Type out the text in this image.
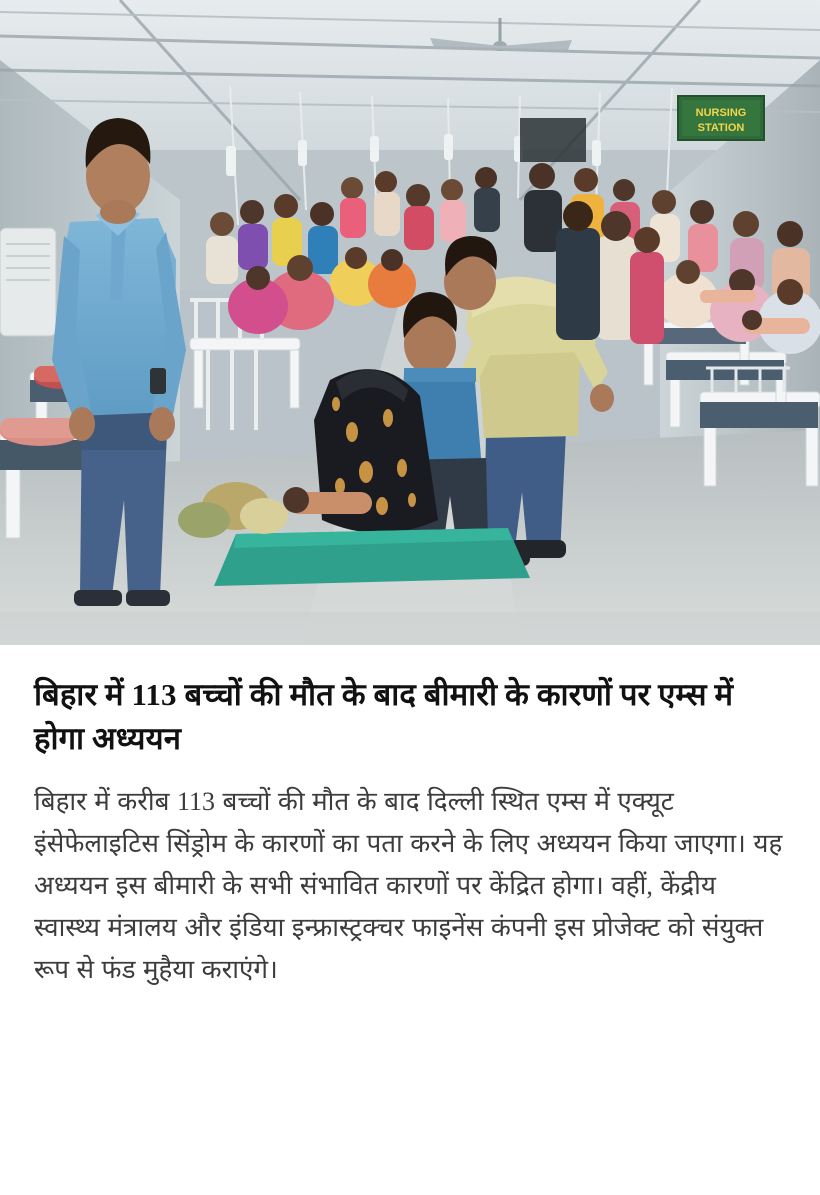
NURSING
STATION
बिहार में 113 बच्चों की मौत के बाद बीमारी के कारणों पर एम्स में होगा अध्ययन

बिहार में करीब 113 बच्चों की मौत के बाद दिल्ली स्थित एम्स में एक्यूट इंसेफेलाइटिस सिंड्रोम के कारणों का पता करने के लिए अध्ययन किया जाएगा। यह अध्ययन इस बीमारी के सभी संभावित कारणों पर केंद्रित होगा। वहीं, केंद्रीय स्वास्थ्य मंत्रालय और इंडिया इन्फ्रास्ट्रक्चर फाइनेंस कंपनी इस प्रोजेक्ट को संयुक्त रूप से फंड मुहैया कराएंगे।
